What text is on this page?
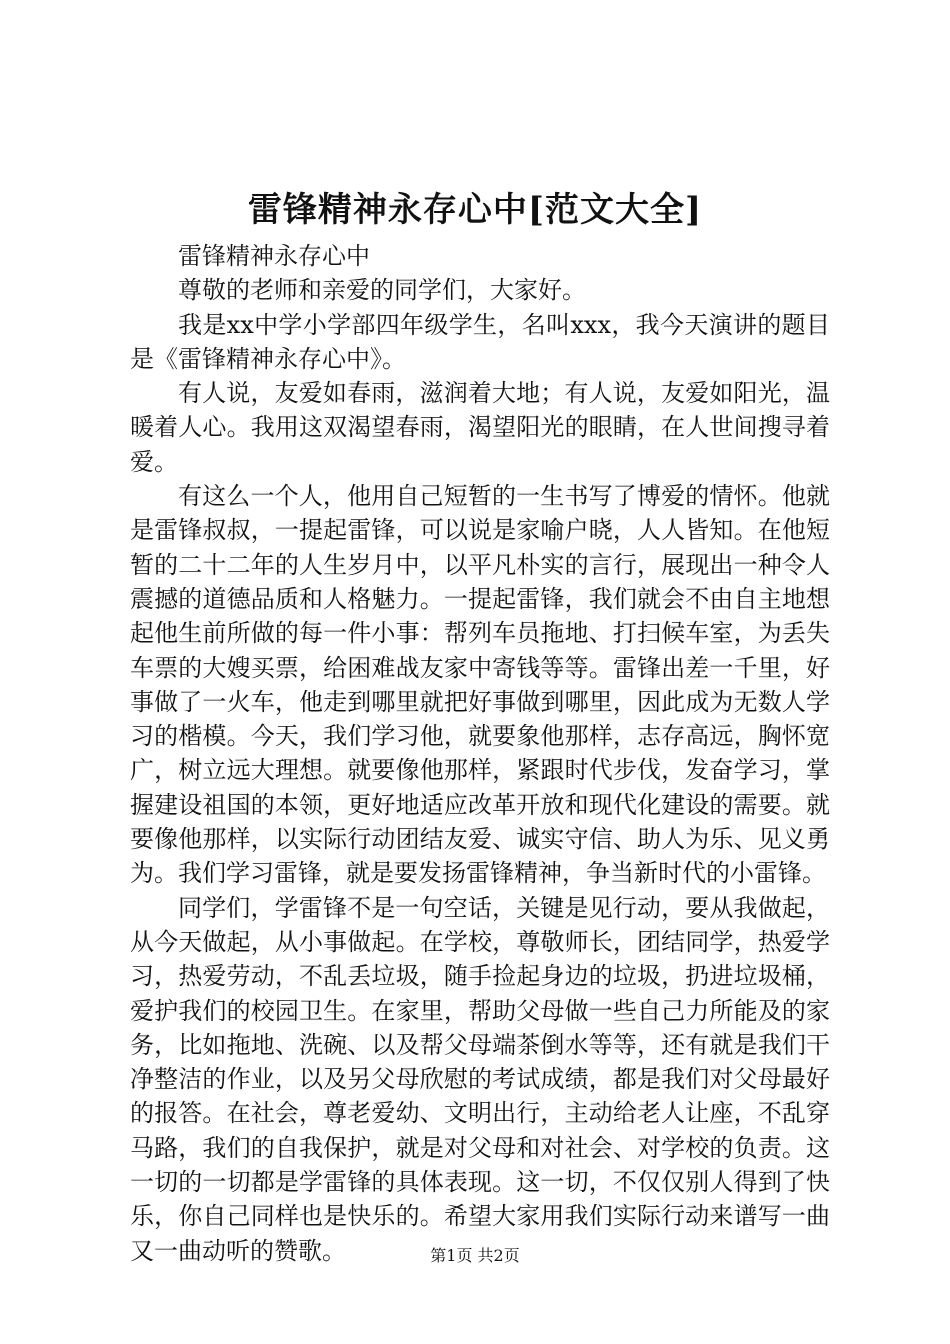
雷锋精神永存心中[范文大全]

雷锋精神永存心中

尊敬的老师和亲爱的同学们，大家好。

我是xx中学小学部四年级学生，名叫xxx，我今天演讲的题目是《雷锋精神永存心中》。

有人说，友爱如春雨，滋润着大地；有人说，友爱如阳光，温暖着人心。我用这双渴望春雨，渴望阳光的眼睛，在人世间搜寻着爱。

有这么一个人，他用自己短暂的一生书写了博爱的情怀。他就是雷锋叔叔，一提起雷锋，可以说是家喻户晓，人人皆知。在他短暂的二十二年的人生岁月中，以平凡朴实的言行，展现出一种令人震撼的道德品质和人格魅力。一提起雷锋，我们就会不由自主地想起他生前所做的每一件小事：帮列车员拖地、打扫候车室，为丢失车票的大嫂买票，给困难战友家中寄钱等等。雷锋出差一千里，好事做了一火车，他走到哪里就把好事做到哪里，因此成为无数人学习的楷模。今天，我们学习他，就要象他那样，志存高远，胸怀宽广，树立远大理想。就要像他那样，紧跟时代步伐，发奋学习，掌握建设祖国的本领，更好地适应改革开放和现代化建设的需要。就要像他那样，以实际行动团结友爱、诚实守信、助人为乐、见义勇为。我们学习雷锋，就是要发扬雷锋精神，争当新时代的小雷锋。

同学们，学雷锋不是一句空话，关键是见行动，要从我做起，从今天做起，从小事做起。在学校，尊敬师长，团结同学，热爱学习，热爱劳动，不乱丢垃圾，随手捡起身边的垃圾，扔进垃圾桶，爱护我们的校园卫生。在家里，帮助父母做一些自己力所能及的家务，比如拖地、洗碗、以及帮父母端茶倒水等等，还有就是我们干净整洁的作业，以及另父母欣慰的考试成绩，都是我们对父母最好的报答。在社会，尊老爱幼、文明出行，主动给老人让座，不乱穿马路，我们的自我保护，就是对父母和对社会、对学校的负责。这一切的一切都是学雷锋的具体表现。这一切，不仅仅别人得到了快乐，你自己同样也是快乐的。希望大家用我们实际行动来谱写一曲又一曲动听的赞歌。	第1页 共2页
